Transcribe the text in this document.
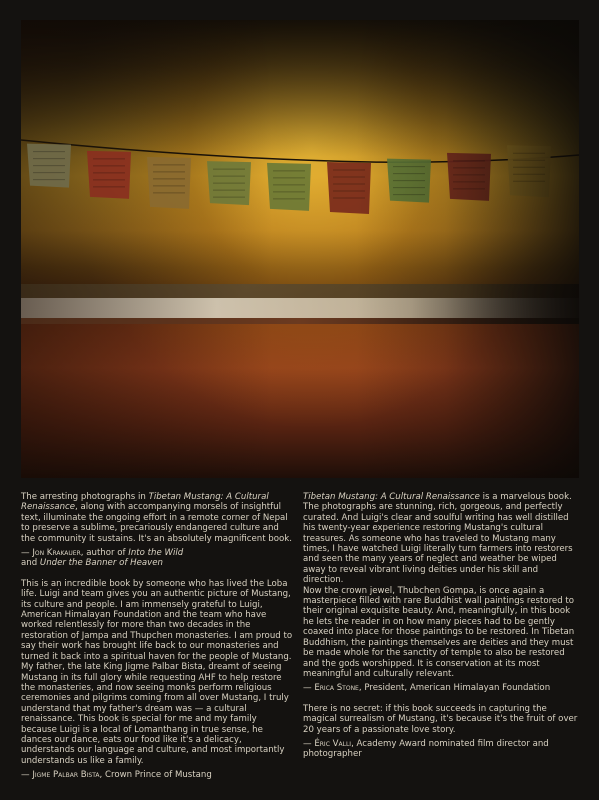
The arresting photographs in Tibetan Mustang: A Cultural Renaissance, along with accompanying morsels of insightful text, illuminate the ongoing effort in a remote corner of Nepal to preserve a sublime, precariously endangered culture and the community it sustains. It's an absolutely magnificent book.

— Jon Krakauer, author of Into the Wild
and Under the Banner of Heaven

This is an incredible book by someone who has lived the Loba life. Luigi and team gives you an authentic picture of Mustang, its culture and people. I am immensely grateful to Luigi, American Himalayan Foundation and the team who have worked relentlessly for more than two decades in the restoration of Jampa and Thupchen monasteries. I am proud to say their work has brought life back to our monasteries and turned it back into a spiritual haven for the people of Mustang. My father, the late King Jigme Palbar Bista, dreamt of seeing Mustang in its full glory while requesting AHF to help restore the monasteries, and now seeing monks perform religious ceremonies and pilgrims coming from all over Mustang, I truly understand that my father's dream was — a cultural renaissance. This book is special for me and my family because Luigi is a local of Lomanthang in true sense, he dances our dance, eats our food like it's a delicacy, understands our language and culture, and most importantly understands us like a family.

— Jigme Palbar Bista, Crown Prince of Mustang

Tibetan Mustang: A Cultural Renaissance is a marvelous book. The photographs are stunning, rich, gorgeous, and perfectly curated. And Luigi's clear and soulful writing has well distilled his twenty-year experience restoring Mustang's cultural treasures. As someone who has traveled to Mustang many times, I have watched Luigi literally turn farmers into restorers and seen the many years of neglect and weather be wiped away to reveal vibrant living deities under his skill and direction.
Now the crown jewel, Thubchen Gompa, is once again a masterpiece filled with rare Buddhist wall paintings restored to their original exquisite beauty. And, meaningfully, in this book he lets the reader in on how many pieces had to be gently coaxed into place for those paintings to be restored. In Tibetan Buddhism, the paintings themselves are deities and they must be made whole for the sanctity of temple to also be restored and the gods worshipped. It is conservation at its most meaningful and culturally relevant.

— Erica Stone, President, American Himalayan Foundation

There is no secret: if this book succeeds in capturing the magical surrealism of Mustang, it's because it's the fruit of over 20 years of a passionate love story.

— Éric Valli, Academy Award nominated film director and photographer
